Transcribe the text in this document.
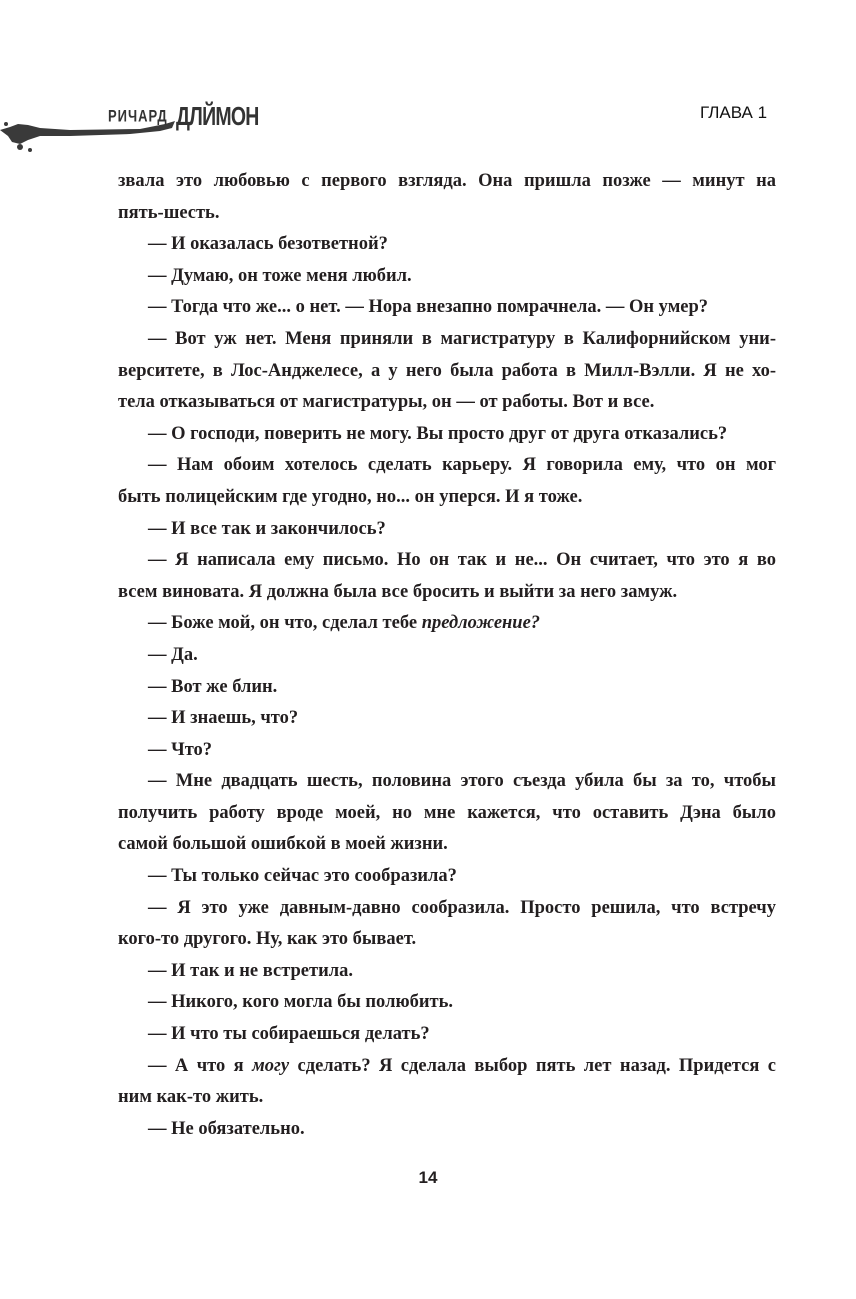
РИЧАРД ДЛЙМОН	ГЛАВА 1
звала это любовью с первого взгляда. Она пришла позже — минут на
пять-шесть.
— И оказалась безответной?
— Думаю, он тоже меня любил.
— Тогда что же... о нет. — Нора внезапно помрачнела. — Он умер?
— Вот уж нет. Меня приняли в магистратуру в Калифорнийском уни-
верситете, в Лос-Анджелесе, а у него была работа в Милл-Вэлли. Я не хо-
тела отказываться от магистратуры, он — от работы. Вот и все.
— О господи, поверить не могу. Вы просто друг от друга отказались?
— Нам обоим хотелось сделать карьеру. Я говорила ему, что он мог
быть полицейским где угодно, но... он уперся. И я тоже.
— И все так и закончилось?
— Я написала ему письмо. Но он так и не... Он считает, что это я во
всем виновата. Я должна была все бросить и выйти за него замуж.
— Боже мой, он что, сделал тебе предложение?
— Да.
— Вот же блин.
— И знаешь, что?
— Что?
— Мне двадцать шесть, половина этого съезда убила бы за то, чтобы
получить работу вроде моей, но мне кажется, что оставить Дэна было
самой большой ошибкой в моей жизни.
— Ты только сейчас это сообразила?
— Я это уже давным-давно сообразила. Просто решила, что встречу
кого-то другого. Ну, как это бывает.
— И так и не встретила.
— Никого, кого могла бы полюбить.
— И что ты собираешься делать?
— А что я могу сделать? Я сделала выбор пять лет назад. Придется с
ним как-то жить.
— Не обязательно.
14
